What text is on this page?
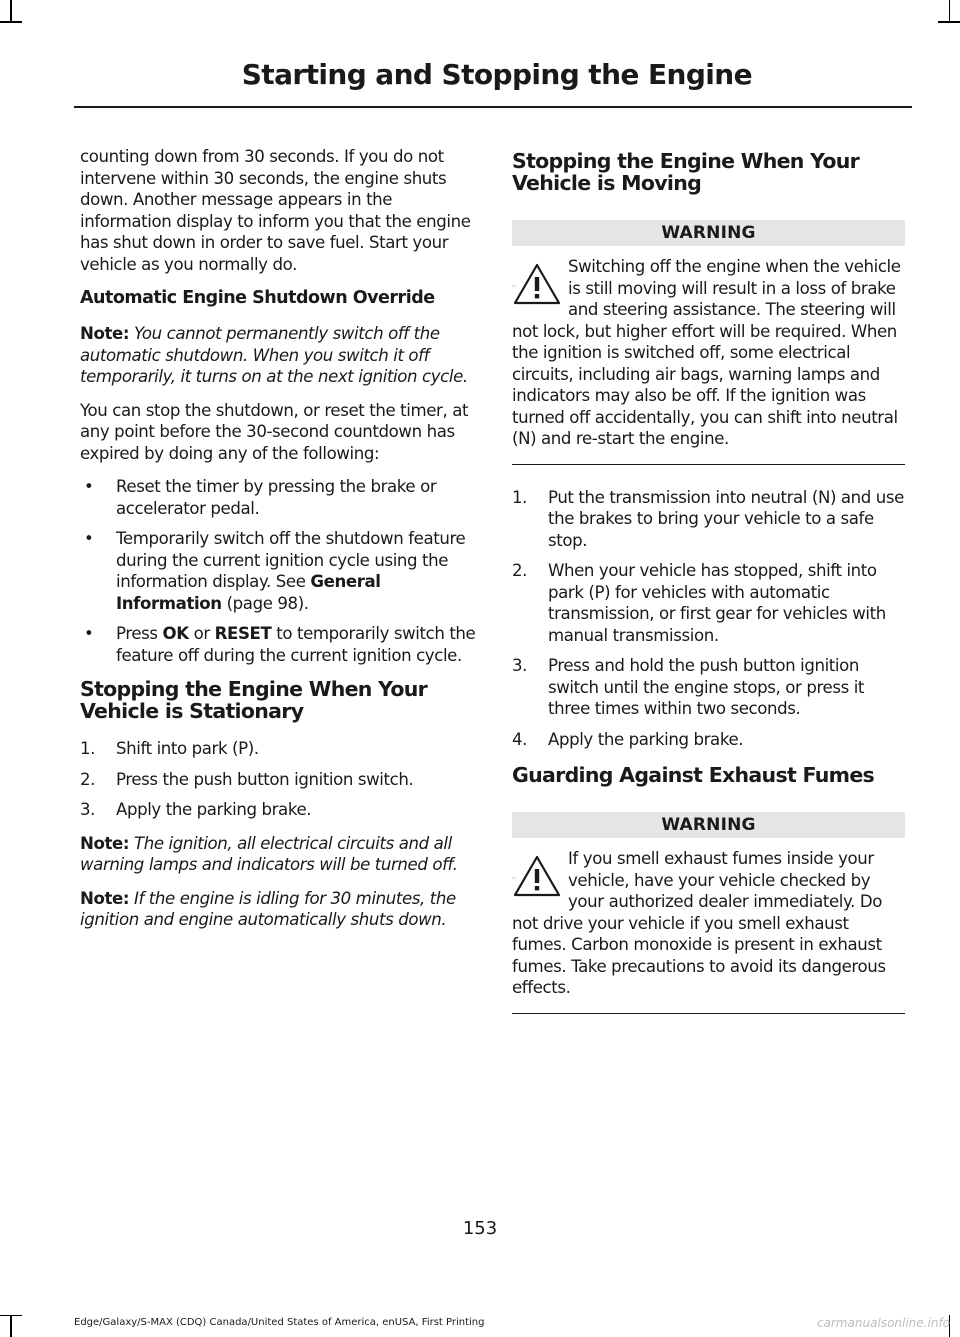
Starting and Stopping the Engine

counting down from 30 seconds. If you do not intervene within 30 seconds, the engine shuts down. Another message appears in the information display to inform you that the engine has shut down in order to save fuel. Start your vehicle as you normally do.

Automatic Engine Shutdown Override

Note: You cannot permanently switch off the automatic shutdown. When you switch it off temporarily, it turns on at the next ignition cycle.

You can stop the shutdown, or reset the timer, at any point before the 30-second countdown has expired by doing any of the following:

• Reset the timer by pressing the brake or accelerator pedal.
• Temporarily switch off the shutdown feature during the current ignition cycle using the information display. See General Information (page 98).
• Press OK or RESET to temporarily switch the feature off during the current ignition cycle.
Stopping the Engine When Your Vehicle is Stationary
1. Shift into park (P).
2. Press the push button ignition switch.
3. Apply the parking brake.

Note: The ignition, all electrical circuits and all warning lamps and indicators will be turned off.

Note: If the engine is idling for 30 minutes, the ignition and engine automatically shuts down.

Stopping the Engine When Your Vehicle is Moving
WARNING
Switching off the engine when the vehicle is still moving will result in a loss of brake and steering assistance. The steering will not lock, but higher effort will be required. When the ignition is switched off, some electrical circuits, including air bags, warning lamps and indicators may also be off. If the ignition was turned off accidentally, you can shift into neutral (N) and re-start the engine.
1. Put the transmission into neutral (N) and use the brakes to bring your vehicle to a safe stop.
2. When your vehicle has stopped, shift into park (P) for vehicles with automatic transmission, or first gear for vehicles with manual transmission.
3. Press and hold the push button ignition switch until the engine stops, or press it three times within two seconds.
4. Apply the parking brake.
Guarding Against Exhaust Fumes
WARNING
If you smell exhaust fumes inside your vehicle, have your vehicle checked by your authorized dealer immediately. Do not drive your vehicle if you smell exhaust fumes. Carbon monoxide is present in exhaust fumes. Take precautions to avoid its dangerous effects.
153
Edge/Galaxy/S-MAX (CDQ) Canada/United States of America, enUSA, First Printing	carmanualsonline.info
